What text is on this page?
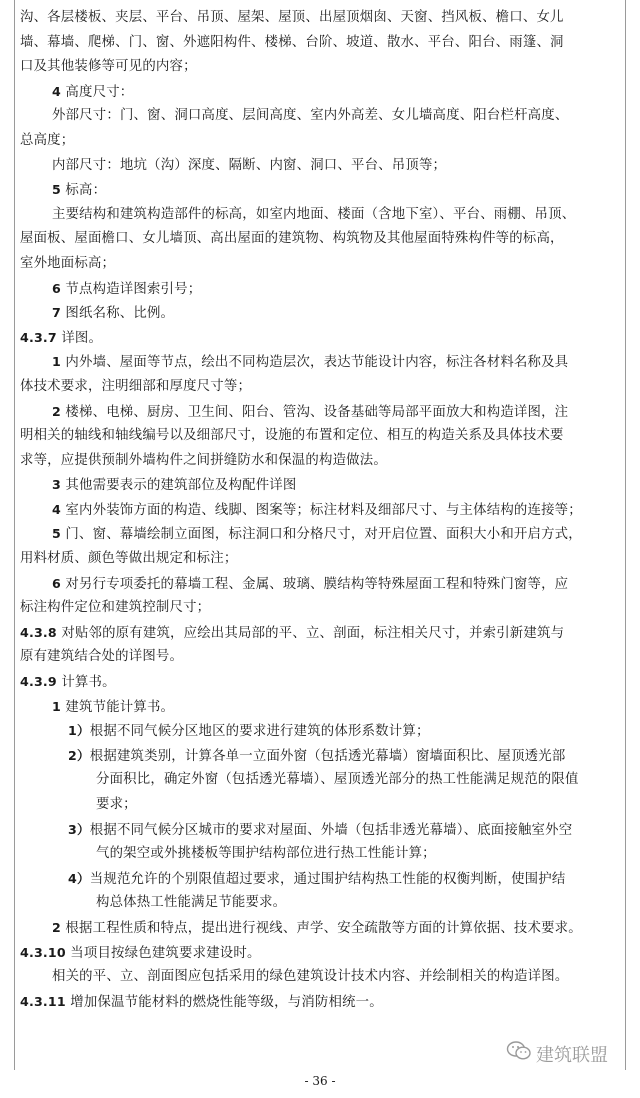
沟、各层楼板、夹层、平台、吊顶、屋架、屋顶、出屋顶烟囱、天窗、挡风板、檐口、女儿
墙、幕墙、爬梯、门、窗、外遮阳构件、楼梯、台阶、坡道、散水、平台、阳台、雨篷、洞
口及其他装修等可见的内容；
4 高度尺寸：
外部尺寸：门、窗、洞口高度、层间高度、室内外高差、女儿墙高度、阳台栏杆高度、
总高度；
内部尺寸：地坑（沟）深度、隔断、内窗、洞口、平台、吊顶等；
5 标高：
主要结构和建筑构造部件的标高，如室内地面、楼面（含地下室）、平台、雨棚、吊顶、
屋面板、屋面檐口、女儿墙顶、高出屋面的建筑物、构筑物及其他屋面特殊构件等的标高，
室外地面标高；
6 节点构造详图索引号；
7 图纸名称、比例。
4.3.7 详图。
1 内外墙、屋面等节点，绘出不同构造层次，表达节能设计内容，标注各材料名称及具
体技术要求，注明细部和厚度尺寸等；
2 楼梯、电梯、厨房、卫生间、阳台、管沟、设备基础等局部平面放大和构造详图，注
明相关的轴线和轴线编号以及细部尺寸，设施的布置和定位、相互的构造关系及具体技术要
求等，应提供预制外墙构件之间拼缝防水和保温的构造做法。
3 其他需要表示的建筑部位及构配件详图
4 室内外装饰方面的构造、线脚、图案等；标注材料及细部尺寸、与主体结构的连接等；
5 门、窗、幕墙绘制立面图，标注洞口和分格尺寸，对开启位置、面积大小和开启方式，
用料材质、颜色等做出规定和标注；
6 对另行专项委托的幕墙工程、金属、玻璃、膜结构等特殊屋面工程和特殊门窗等，应
标注构件定位和建筑控制尺寸；
4.3.8 对贴邻的原有建筑，应绘出其局部的平、立、剖面，标注相关尺寸，并索引新建筑与
原有建筑结合处的详图号。
4.3.9 计算书。
1 建筑节能计算书。
1）根据不同气候分区地区的要求进行建筑的体形系数计算；
2）根据建筑类别，计算各单一立面外窗（包括透光幕墙）窗墙面积比、屋顶透光部
分面积比，确定外窗（包括透光幕墙）、屋顶透光部分的热工性能满足规范的限值
要求；
3）根据不同气候分区城市的要求对屋面、外墙（包括非透光幕墙）、底面接触室外空
气的架空或外挑楼板等围护结构部位进行热工性能计算；
4）当规范允许的个别限值超过要求，通过围护结构热工性能的权衡判断，使围护结
构总体热工性能满足节能要求。
2 根据工程性质和特点，提出进行视线、声学、安全疏散等方面的计算依据、技术要求。
4.3.10 当项目按绿色建筑要求建设时。
相关的平、立、剖面图应包括采用的绿色建筑设计技术内容、并绘制相关的构造详图。
4.3.11 增加保温节能材料的燃烧性能等级，与消防相统一。
建筑联盟
- 36 -
